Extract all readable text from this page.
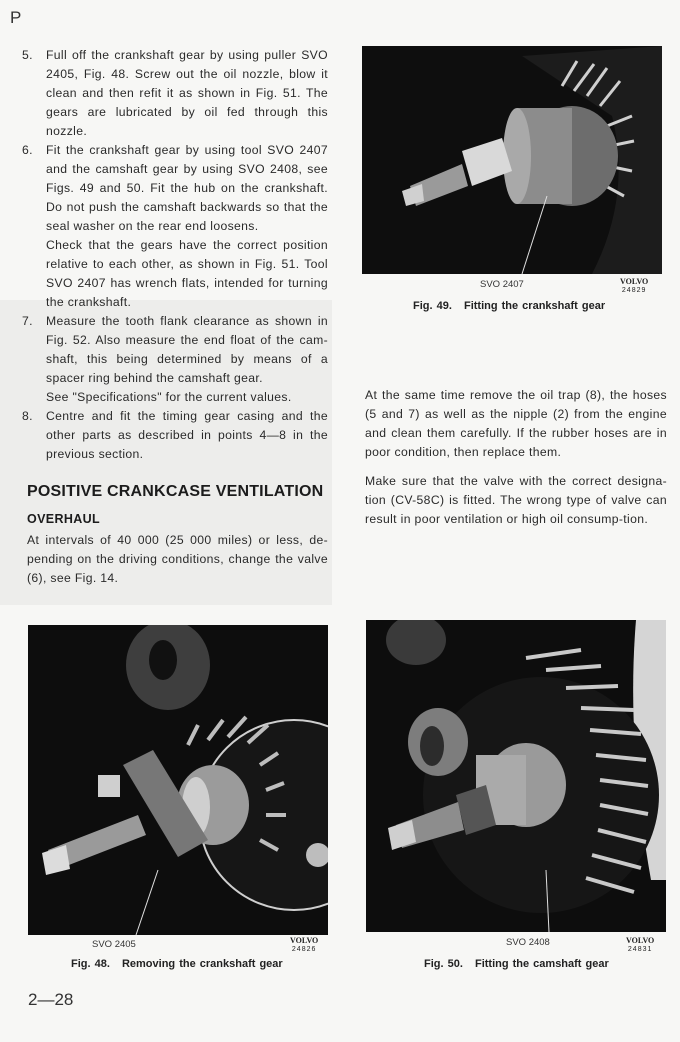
P
5.	Full off the crankshaft gear by using puller SVO 2405, Fig. 48. Screw out the oil nozzle, blow it clean and then refit it as shown in Fig. 51. The gears are lubricated by oil fed through this nozzle.
6.	Fit the crankshaft gear by using tool SVO 2407 and the camshaft gear by using SVO 2408, see Figs. 49 and 50. Fit the hub on the crankshaft. Do not push the camshaft backwards so that the seal washer on the rear end loosens.
Check that the gears have the correct position relative to each other, as shown in Fig. 51. Tool SVO 2407 has wrench flats, intended for turning the crankshaft.
7.	Measure the tooth flank clearance as shown in Fig. 52. Also measure the end float of the cam-shaft, this being determined by means of a spacer ring behind the camshaft gear.
See "Specifications" for the current values.
8.	Centre and fit the timing gear casing and the other parts as described in points 4—8 in the previous section.
POSITIVE CRANKCASE VENTILATION
OVERHAUL
At intervals of 40 000 (25 000 miles) or less, de-pending on the driving conditions, change the valve (6), see Fig. 14.

At the same time remove the oil trap (8), the hoses (5 and 7) as well as the nipple (2) from the engine and clean them carefully. If the rubber hoses are in poor condition, then replace them.

Make sure that the valve with the correct designa-tion (CV-58C) is fitted. The wrong type of valve can result in poor ventilation or high oil consump-tion.

SVO 2407	VOLVO
24829
Fig. 49. Fitting the crankshaft gear
SVO 2405	VOLVO
24826
Fig. 48. Removing the crankshaft gear
SVO 2408	VOLVO
24831
Fig. 50. Fitting the camshaft gear
2—28
